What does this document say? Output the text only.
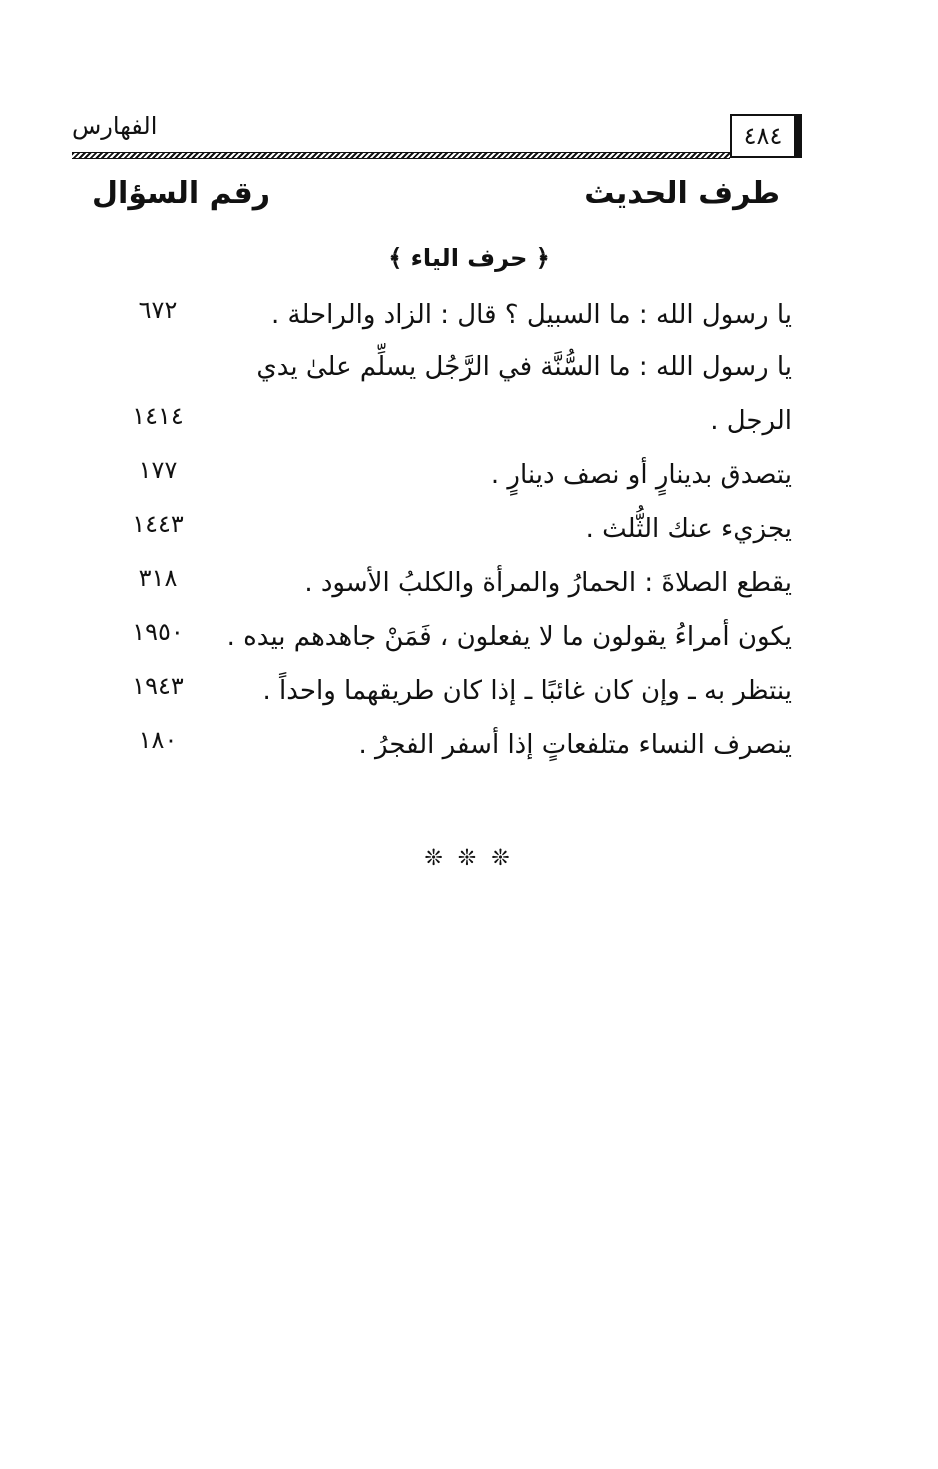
الفهارس	٤٨٤
طرف الحديث
رقم السؤال
﴿ حرف الياء ﴾
يا رسول الله : ما السبيل ؟ قال : الزاد والراحلة .
٦٧٢
يا رسول الله : ما السُّنَّة في الرَّجُل يسلِّم علىٰ يدي
الرجل .
١٤١٤
يتصدق بدينارٍ أو نصف دينارٍ .
١٧٧
يجزيء عنك الثُّلث .
١٤٤٣
يقطع الصلاةَ : الحمارُ والمرأة والكلبُ الأسود .
٣١٨
يكون أمراءُ يقولون ما لا يفعلون ، فَمَنْ جاهدهم بيده .
١٩٥٠
ينتظر به ـ وإن كان غائبًا ـ إذا كان طريقهما واحداً .
١٩٤٣
ينصرف النساء متلفعاتٍ إذا أسفر الفجرُ .
١٨٠
❊ ❊ ❊
